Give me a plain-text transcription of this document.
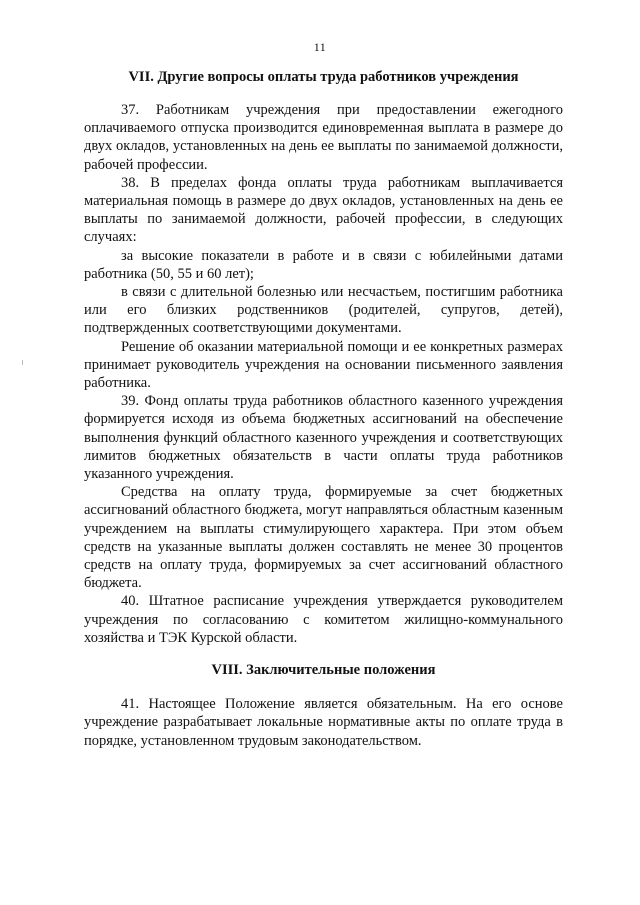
11
VII. Другие вопросы оплаты труда работников учреждения

37. Работникам учреждения при предоставлении ежегодного оплачиваемого отпуска производится единовременная выплата в размере до двух окладов, установленных на день ее выплаты по занимаемой должности, рабочей профессии.

38. В пределах фонда оплаты труда работникам выплачивается материальная помощь в размере до двух окладов, установленных на день ее выплаты по занимаемой должности, рабочей профессии, в следующих случаях:

за высокие показатели в работе и в связи с юбилейными датами работника (50, 55 и 60 лет);

в связи с длительной болезнью или несчастьем, постигшим работника или его близких родственников (родителей, супругов, детей), подтвержденных соответствующими документами.

Решение об оказании материальной помощи и ее конкретных размерах принимает руководитель учреждения на основании письменного заявления работника.

39. Фонд оплаты труда работников областного казенного учреждения формируется исходя из объема бюджетных ассигнований на обеспечение выполнения функций областного казенного учреждения и соответствующих лимитов бюджетных обязательств в части оплаты труда работников указанного учреждения.

Средства на оплату труда, формируемые за счет бюджетных ассигнований областного бюджета, могут направляться областным казенным учреждением на выплаты стимулирующего характера. При этом объем средств на указанные выплаты должен составлять не менее 30 процентов средств на оплату труда, формируемых за счет ассигнований областного бюджета.

40. Штатное расписание учреждения утверждается руководителем учреждения по согласованию с комитетом жилищно-коммунального хозяйства и ТЭК Курской области.

VIII. Заключительные положения

41. Настоящее Положение является обязательным. На его основе учреждение разрабатывает локальные нормативные акты по оплате труда в порядке, установленном трудовым законодательством.
